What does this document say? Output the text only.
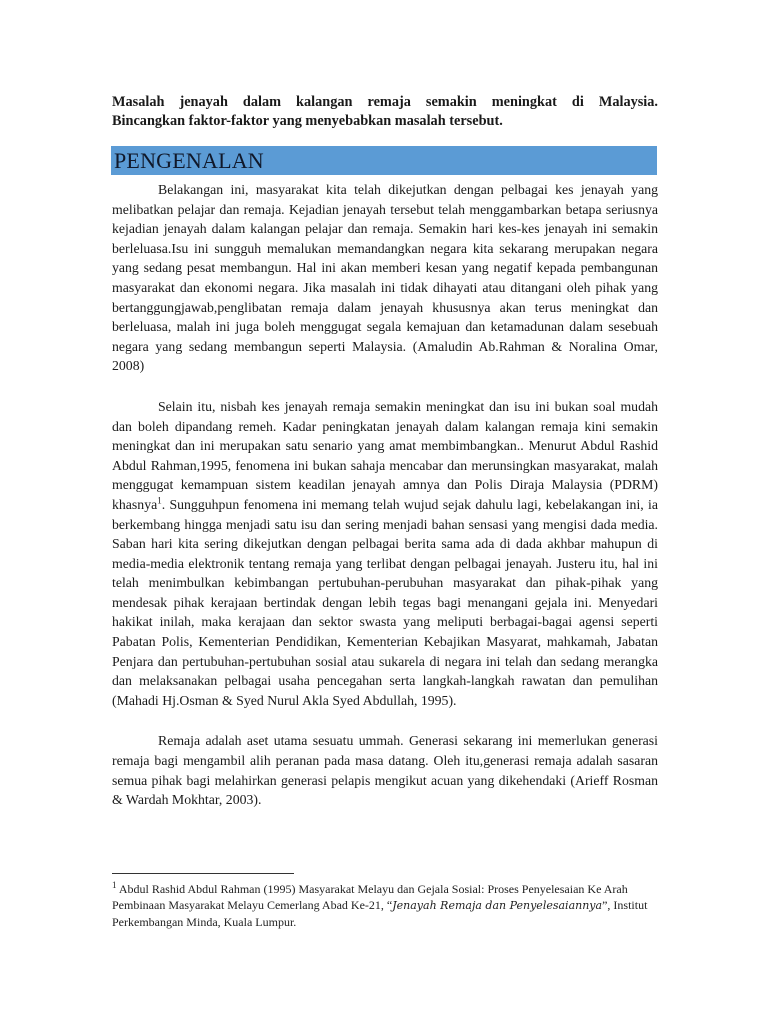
Masalah jenayah dalam kalangan remaja semakin meningkat di Malaysia.

Bincangkan faktor-faktor yang menyebabkan masalah tersebut.

PENGENALAN

Belakangan ini, masyarakat kita telah dikejutkan dengan pelbagai kes jenayah yang melibatkan pelajar dan remaja. Kejadian jenayah tersebut telah menggambarkan betapa seriusnya kejadian jenayah dalam kalangan pelajar dan remaja. Semakin hari kes-kes jenayah ini semakin berleluasa.Isu ini sungguh memalukan memandangkan negara kita sekarang merupakan negara yang sedang pesat membangun. Hal ini akan memberi kesan yang negatif kepada pembangunan masyarakat dan ekonomi negara. Jika masalah ini tidak dihayati atau ditangani oleh pihak yang bertanggungjawab,penglibatan remaja dalam jenayah khususnya akan terus meningkat dan berleluasa, malah ini juga boleh menggugat segala kemajuan dan ketamadunan dalam sesebuah negara yang sedang membangun seperti Malaysia. (Amaludin Ab.Rahman & Noralina Omar, 2008)

Selain itu, nisbah kes jenayah remaja semakin meningkat dan isu ini bukan soal mudah dan boleh dipandang remeh. Kadar peningkatan jenayah dalam kalangan remaja kini semakin meningkat dan ini merupakan satu senario yang amat membimbangkan.. Menurut Abdul Rashid Abdul Rahman,1995, fenomena ini bukan sahaja mencabar dan merunsingkan masyarakat, malah menggugat kemampuan sistem keadilan jenayah amnya dan Polis Diraja Malaysia (PDRM) khasnya$^1$. Sungguhpun fenomena ini memang telah wujud sejak dahulu lagi, kebelakangan ini, ia berkembang hingga menjadi satu isu dan sering menjadi bahan sensasi yang mengisi dada media. Saban hari kita sering dikejutkan dengan pelbagai berita sama ada di dada akhbar mahupun di media-media elektronik tentang remaja yang terlibat dengan pelbagai jenayah. Justeru itu, hal ini telah menimbulkan kebimbangan pertubuhan-perubuhan masyarakat dan pihak-pihak yang mendesak pihak kerajaan bertindak dengan lebih tegas bagi menangani gejala ini. Menyedari hakikat inilah, maka kerajaan dan sektor swasta yang meliputi berbagai-bagai agensi seperti Pabatan Polis, Kementerian Pendidikan, Kementerian Kebajikan Masyarat, mahkamah, Jabatan Penjara dan pertubuhan-pertubuhan sosial atau sukarela di negara ini telah dan sedang merangka dan melaksanakan pelbagai usaha pencegahan serta langkah-langkah rawatan dan pemulihan (Mahadi Hj.Osman & Syed Nurul Akla Syed Abdullah, 1995).

Remaja adalah aset utama sesuatu ummah. Generasi sekarang ini memerlukan generasi remaja bagi mengambil alih peranan pada masa datang. Oleh itu,generasi remaja adalah sasaran semua pihak bagi melahirkan generasi pelapis mengikut acuan yang dikehendaki (Arieff Rosman & Wardah Mokhtar, 2003).

$^1$ Abdul Rashid Abdul Rahman (1995) Masyarakat Melayu dan Gejala Sosial: Proses Penyelesaian Ke Arah Pembinaan Masyarakat Melayu Cemerlang Abad Ke-21, “Jenayah Remaja dan Penyelesaiannya”, Institut Perkembangan Minda, Kuala Lumpur.
